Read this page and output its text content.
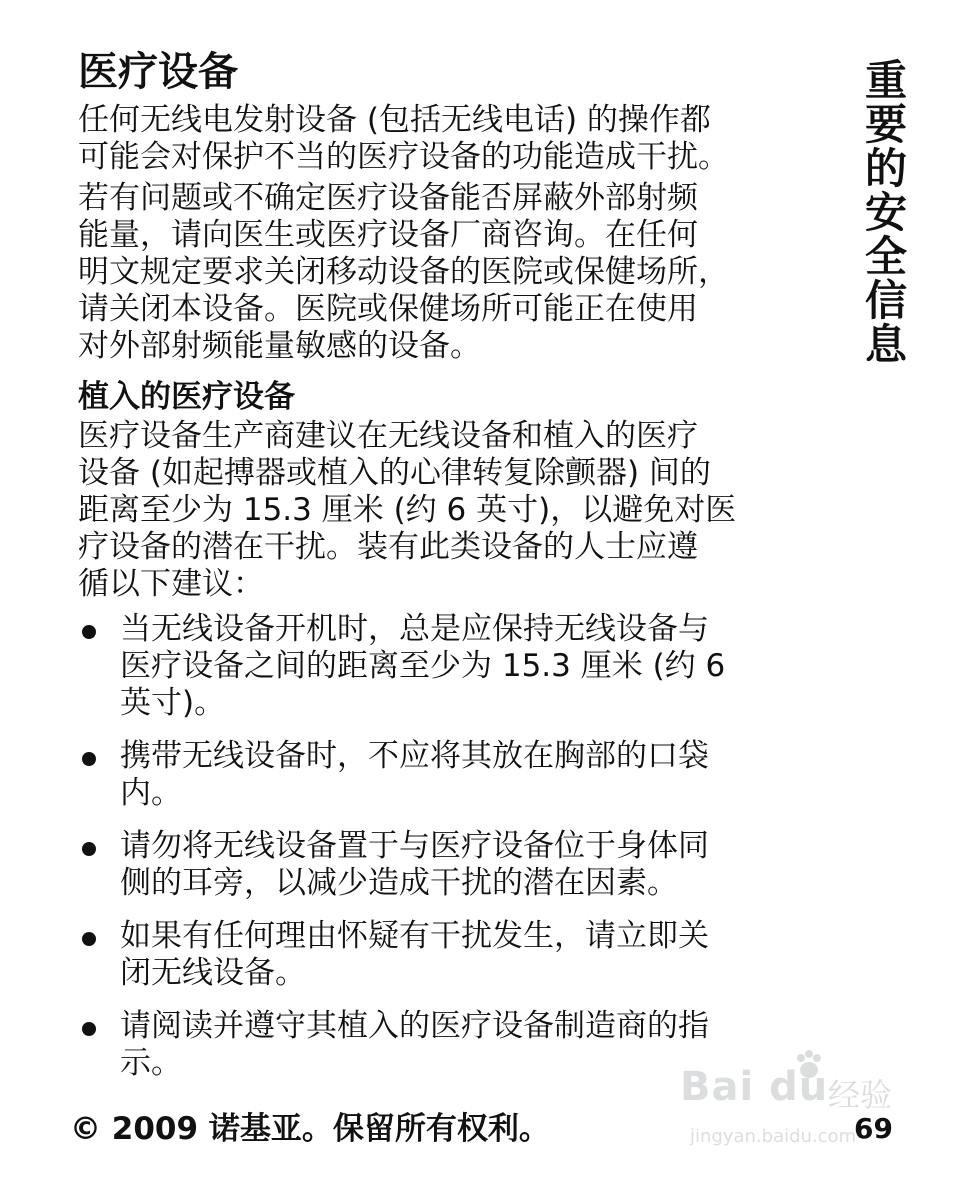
医疗设备

任何无线电发射设备 (包括无线电话) 的操作都
可能会对保护不当的医疗设备的功能造成干扰。

若有问题或不确定医疗设备能否屏蔽外部射频
能量，请向医生或医疗设备厂商咨询。在任何
明文规定要求关闭移动设备的医院或保健场所，
请关闭本设备。医院或保健场所可能正在使用
对外部射频能量敏感的设备。

植入的医疗设备

医疗设备生产商建议在无线设备和植入的医疗
设备 (如起搏器或植入的心律转复除颤器) 间的
距离至少为 15.3 厘米 (约 6 英寸)，以避免对医
疗设备的潜在干扰。装有此类设备的人士应遵
循以下建议：

当无线设备开机时，总是应保持无线设备与
医疗设备之间的距离至少为 15.3 厘米 (约 6
英寸)。
携带无线设备时，不应将其放在胸部的口袋
内。
请勿将无线设备置于与医疗设备位于身体同
侧的耳旁，以减少造成干扰的潜在因素。
如果有任何理由怀疑有干扰发生，请立即关
闭无线设备。
请阅读并遵守其植入的医疗设备制造商的指
示。
重要的安全信息
Bai du 经验
jingyan.baidu.com
© 2009 诺基亚。保留所有权利。	69
